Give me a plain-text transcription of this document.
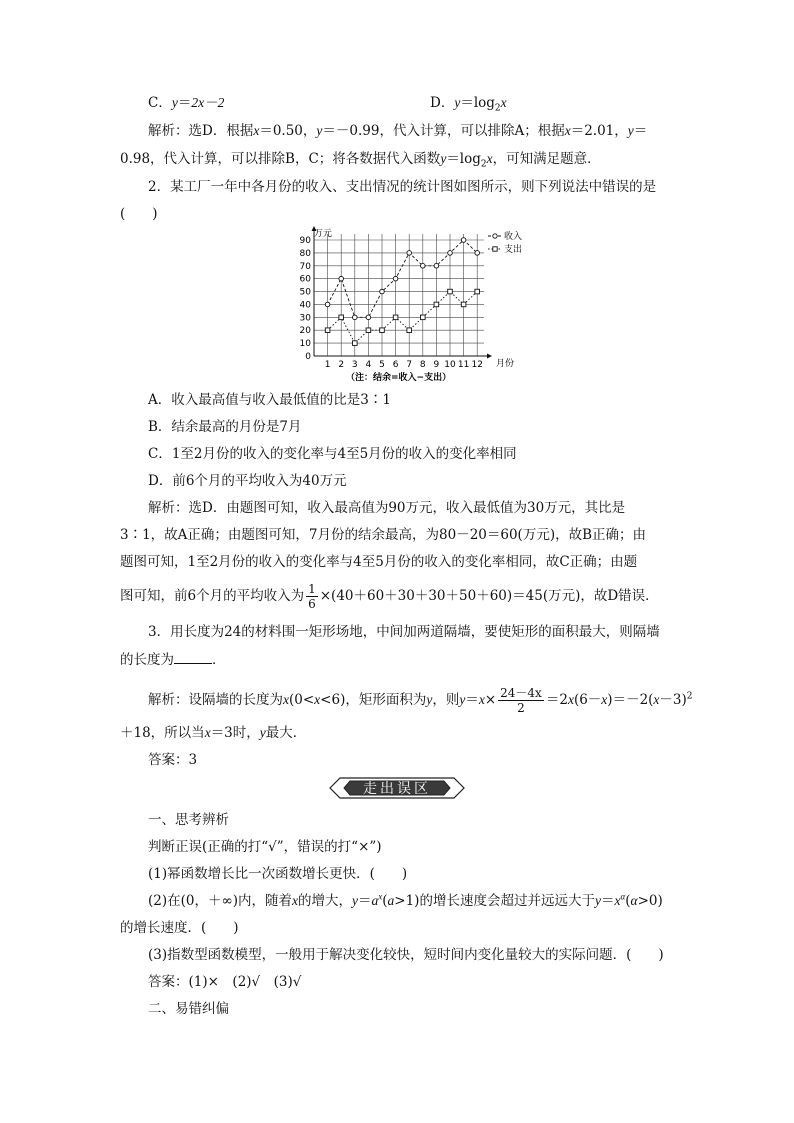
C．y＝2x－2	D．$y=\log_2x$
解析：选D．根据x＝0.50，y＝－0.99，代入计算，可以排除A；根据x＝2.01，y＝
0.98，代入计算，可以排除B，C；将各数据代入函数$y=\log_2x$，可知满足题意．
2．某工厂一年中各月份的收入、支出情况的统计图如图所示，则下列说法中错误的是
(　　)
0
10
20
30
40
50
60
70
80
90
1 2 3 4 5 6 7 8 9 10 11 12
万元
月份
（注：结余=收入−支出）
收入
支出
A．收入最高值与收入最低值的比是3∶1
B．结余最高的月份是7月
C．1至2月份的收入的变化率与4至5月份的收入的变化率相同
D．前6个月的平均收入为40万元
解析：选D．由题图可知，收入最高值为90万元，收入最低值为30万元，其比是
3∶1，故A正确；由题图可知，7月份的结余最高，为80－20＝60(万元)，故B正确；由
题图可知，1至2月份的收入的变化率与4至5月份的收入的变化率相同，故C正确；由题
图可知，前6个月的平均收入为 $\frac{1}{6} \times(40+60+30+30+50+60)=45$(万元)，故D错误．
3．用长度为24的材料围一矩形场地，中间加两道隔墙，要使矩形的面积最大，则隔墙
的长度为	．
解析：设隔墙的长度为x(0<x<6)，矩形面积为y，则$y=x\times \frac{24-4x}{2} =2x(6-x)=-2(x-3)^2$
＋18，所以当x＝3时，y最大．
答案：3
走出误区
一、思考辨析
判断正误(正确的打“√”，错误的打“×”)
(1)幂函数增长比一次函数增长更快．(　　)
(2)在(0，＋∞)内，随着x的增大，$y=a^x(a>1)$的增长速度会超过并远远大于$y=x^\alpha(\alpha>0)$
的增长速度．(　　)
(3)指数型函数模型，一般用于解决变化较快，短时间内变化量较大的实际问题．(　　)
答案：(1)×　(2)√　(3)√
二、易错纠偏
